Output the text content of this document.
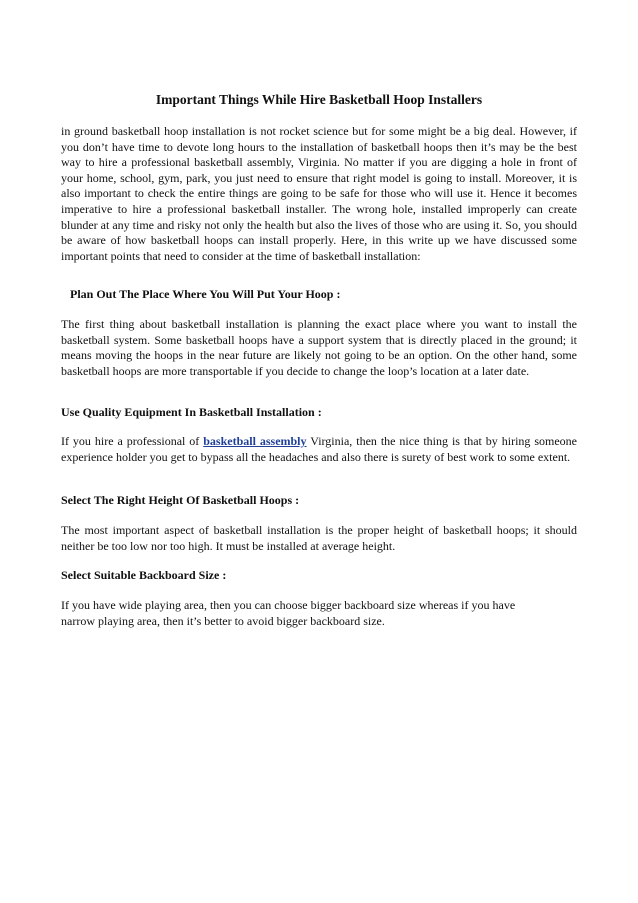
Important Things While Hire Basketball Hoop Installers

in ground basketball hoop installation is not rocket science but for some might be a big deal. However, if you don’t have time to devote long hours to the installation of basketball hoops then it’s may be the best way to hire a professional basketball assembly, Virginia. No matter if you are digging a hole in front of your home, school, gym, park, you just need to ensure that right model is going to install. Moreover, it is also important to check the entire things are going to be safe for those who will use it. Hence it becomes imperative to hire a professional basketball installer. The wrong hole, installed improperly can create blunder at any time and risky not only the health but also the lives of those who are using it. So, you should be aware of how basketball hoops can install properly. Here, in this write up we have discussed some important points that need to consider at the time of basketball installation:

Plan Out The Place Where You Will Put Your Hoop :

The first thing about basketball installation is planning the exact place where you want to install the basketball system. Some basketball hoops have a support system that is directly placed in the ground; it means moving the hoops in the near future are likely not going to be an option. On the other hand, some basketball hoops are more transportable if you decide to change the loop’s location at a later date.

Use Quality Equipment In Basketball Installation :

If you hire a professional of basketball assembly Virginia, then the nice thing is that by hiring someone experience holder you get to bypass all the headaches and also there is surety of best work to some extent.

Select The Right Height Of Basketball Hoops :

The most important aspect of basketball installation is the proper height of basketball hoops; it should neither be too low nor too high. It must be installed at average height.

Select Suitable Backboard Size :

If you have wide playing area, then you can choose bigger backboard size whereas if you have
narrow playing area, then it’s better to avoid bigger backboard size.
